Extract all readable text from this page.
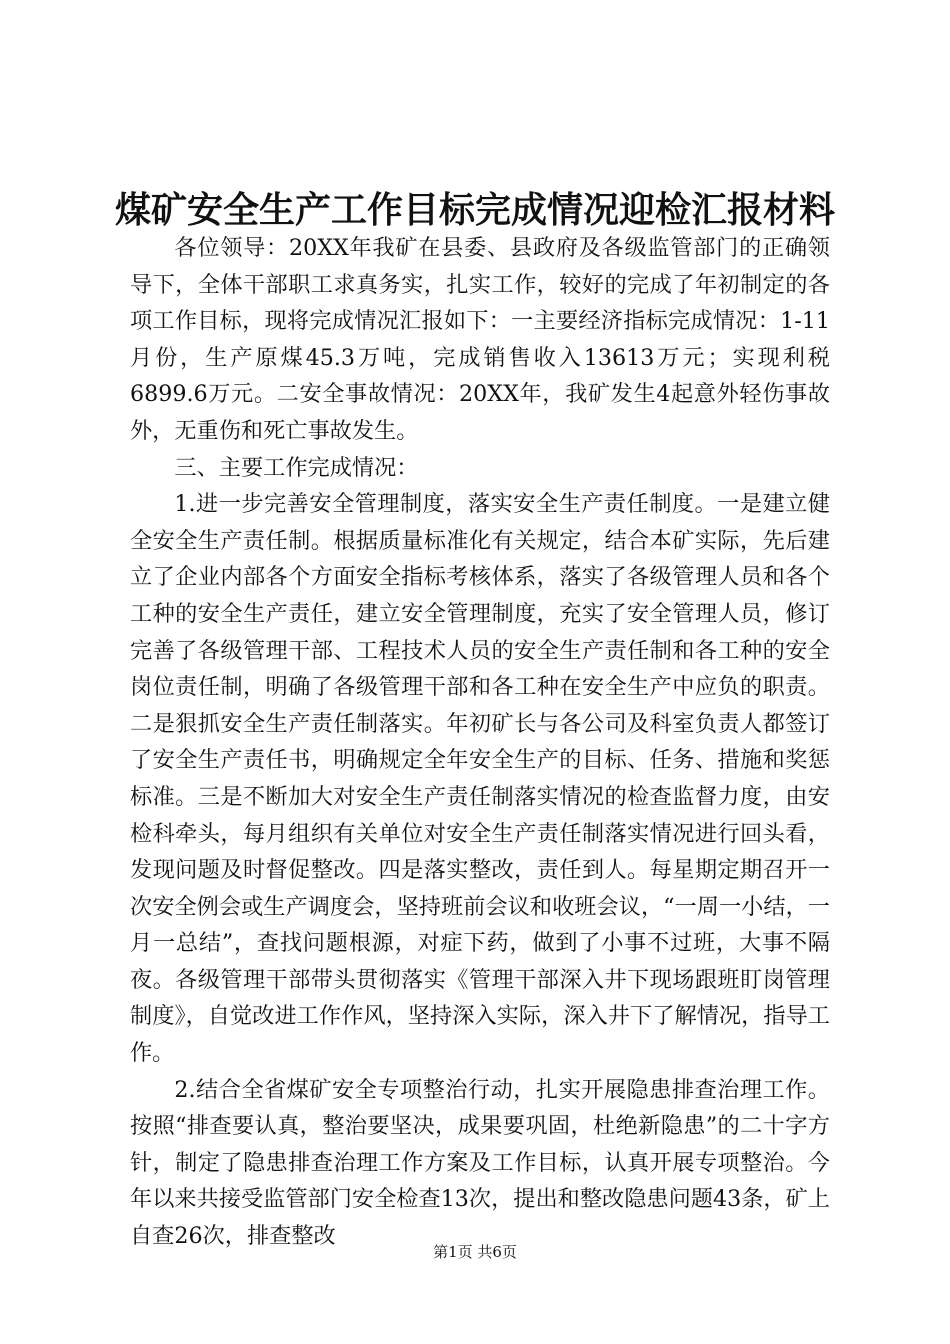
煤矿安全生产工作目标完成情况迎检汇报材料

各位领导：20XX年我矿在县委、县政府及各级监管部门的正确领导下，全体干部职工求真务实，扎实工作，较好的完成了年初制定的各项工作目标，现将完成情况汇报如下：一主要经济指标完成情况：1-11月份，生产原煤45.3万吨，完成销售收入13613万元；实现利税6899.6万元。二安全事故情况：20XX年，我矿发生4起意外轻伤事故外，无重伤和死亡事故发生。

三、主要工作完成情况：

1.进一步完善安全管理制度，落实安全生产责任制度。一是建立健全安全生产责任制。根据质量标准化有关规定，结合本矿实际，先后建立了企业内部各个方面安全指标考核体系，落实了各级管理人员和各个工种的安全生产责任，建立安全管理制度，充实了安全管理人员，修订完善了各级管理干部、工程技术人员的安全生产责任制和各工种的安全岗位责任制，明确了各级管理干部和各工种在安全生产中应负的职责。二是狠抓安全生产责任制落实。年初矿长与各公司及科室负责人都签订了安全生产责任书，明确规定全年安全生产的目标、任务、措施和奖惩标准。三是不断加大对安全生产责任制落实情况的检查监督力度，由安检科牵头，每月组织有关单位对安全生产责任制落实情况进行回头看，发现问题及时督促整改。四是落实整改，责任到人。每星期定期召开一次安全例会或生产调度会，坚持班前会议和收班会议，“一周一小结，一月一总结”，查找问题根源，对症下药，做到了小事不过班，大事不隔夜。各级管理干部带头贯彻落实《管理干部深入井下现场跟班盯岗管理制度》，自觉改进工作作风，坚持深入实际，深入井下了解情况，指导工作。

2.结合全省煤矿安全专项整治行动，扎实开展隐患排查治理工作。按照“排查要认真，整治要坚决，成果要巩固，杜绝新隐患”的二十字方针，制定了隐患排查治理工作方案及工作目标，认真开展专项整治。今年以来共接受监管部门安全检查13次，提出和整改隐患问题43条，矿上自查26次，排查整改

第1页 共6页
